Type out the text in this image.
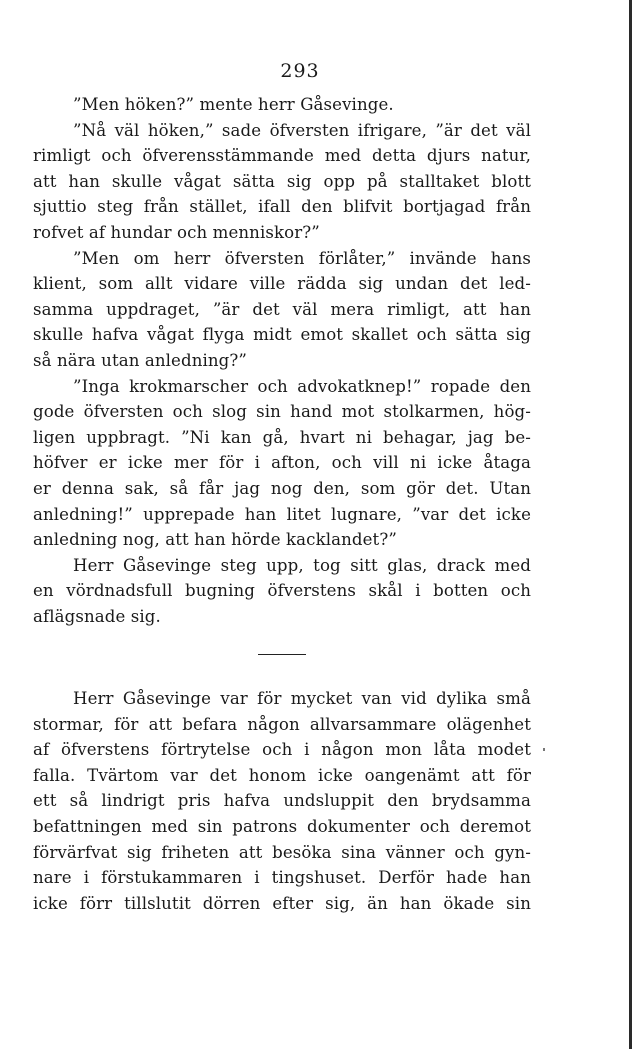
293
”Men höken?” mente herr Gåsevinge.
”Nå väl höken,” sade öfversten ifrigare, ”är det väl
rimligt och öfverensstämmande med detta djurs natur,
att han skulle vågat sätta sig opp på stalltaket blott
sjuttio steg från stället, ifall den blifvit bortjagad från
rofvet af hundar och menniskor?”
”Men om herr öfversten förlåter,” invände hans
klient, som allt vidare ville rädda sig undan det led-
samma uppdraget, ”är det väl mera rimligt, att han
skulle hafva vågat flyga midt emot skallet och sätta sig
så nära utan anledning?”
”Inga krokmarscher och advokatknep!” ropade den
gode öfversten och slog sin hand mot stolkarmen, hög-
ligen uppbragt. ”Ni kan gå, hvart ni behagar, jag be-
höfver er icke mer för i afton, och vill ni icke åtaga
er denna sak, så får jag nog den, som gör det. Utan
anledning!” upprepade han litet lugnare, ”var det icke
anledning nog, att han hörde kacklandet?”
Herr Gåsevinge steg upp, tog sitt glas, drack med
en vördnadsfull bugning öfverstens skål i botten och
aflägsnade sig.
Herr Gåsevinge var för mycket van vid dylika små
stormar, för att befara någon allvarsammare olägenhet
af öfverstens förtrytelse och i någon mon låta modet
falla. Tvärtom var det honom icke oangenämt att för
ett så lindrigt pris hafva undsluppit den brydsamma
befattningen med sin patrons dokumenter och deremot
förvärfvat sig friheten att besöka sina vänner och gyn-
nare i förstukammaren i tingshuset. Derför hade han
icke förr tillslutit dörren efter sig, än han ökade sin
